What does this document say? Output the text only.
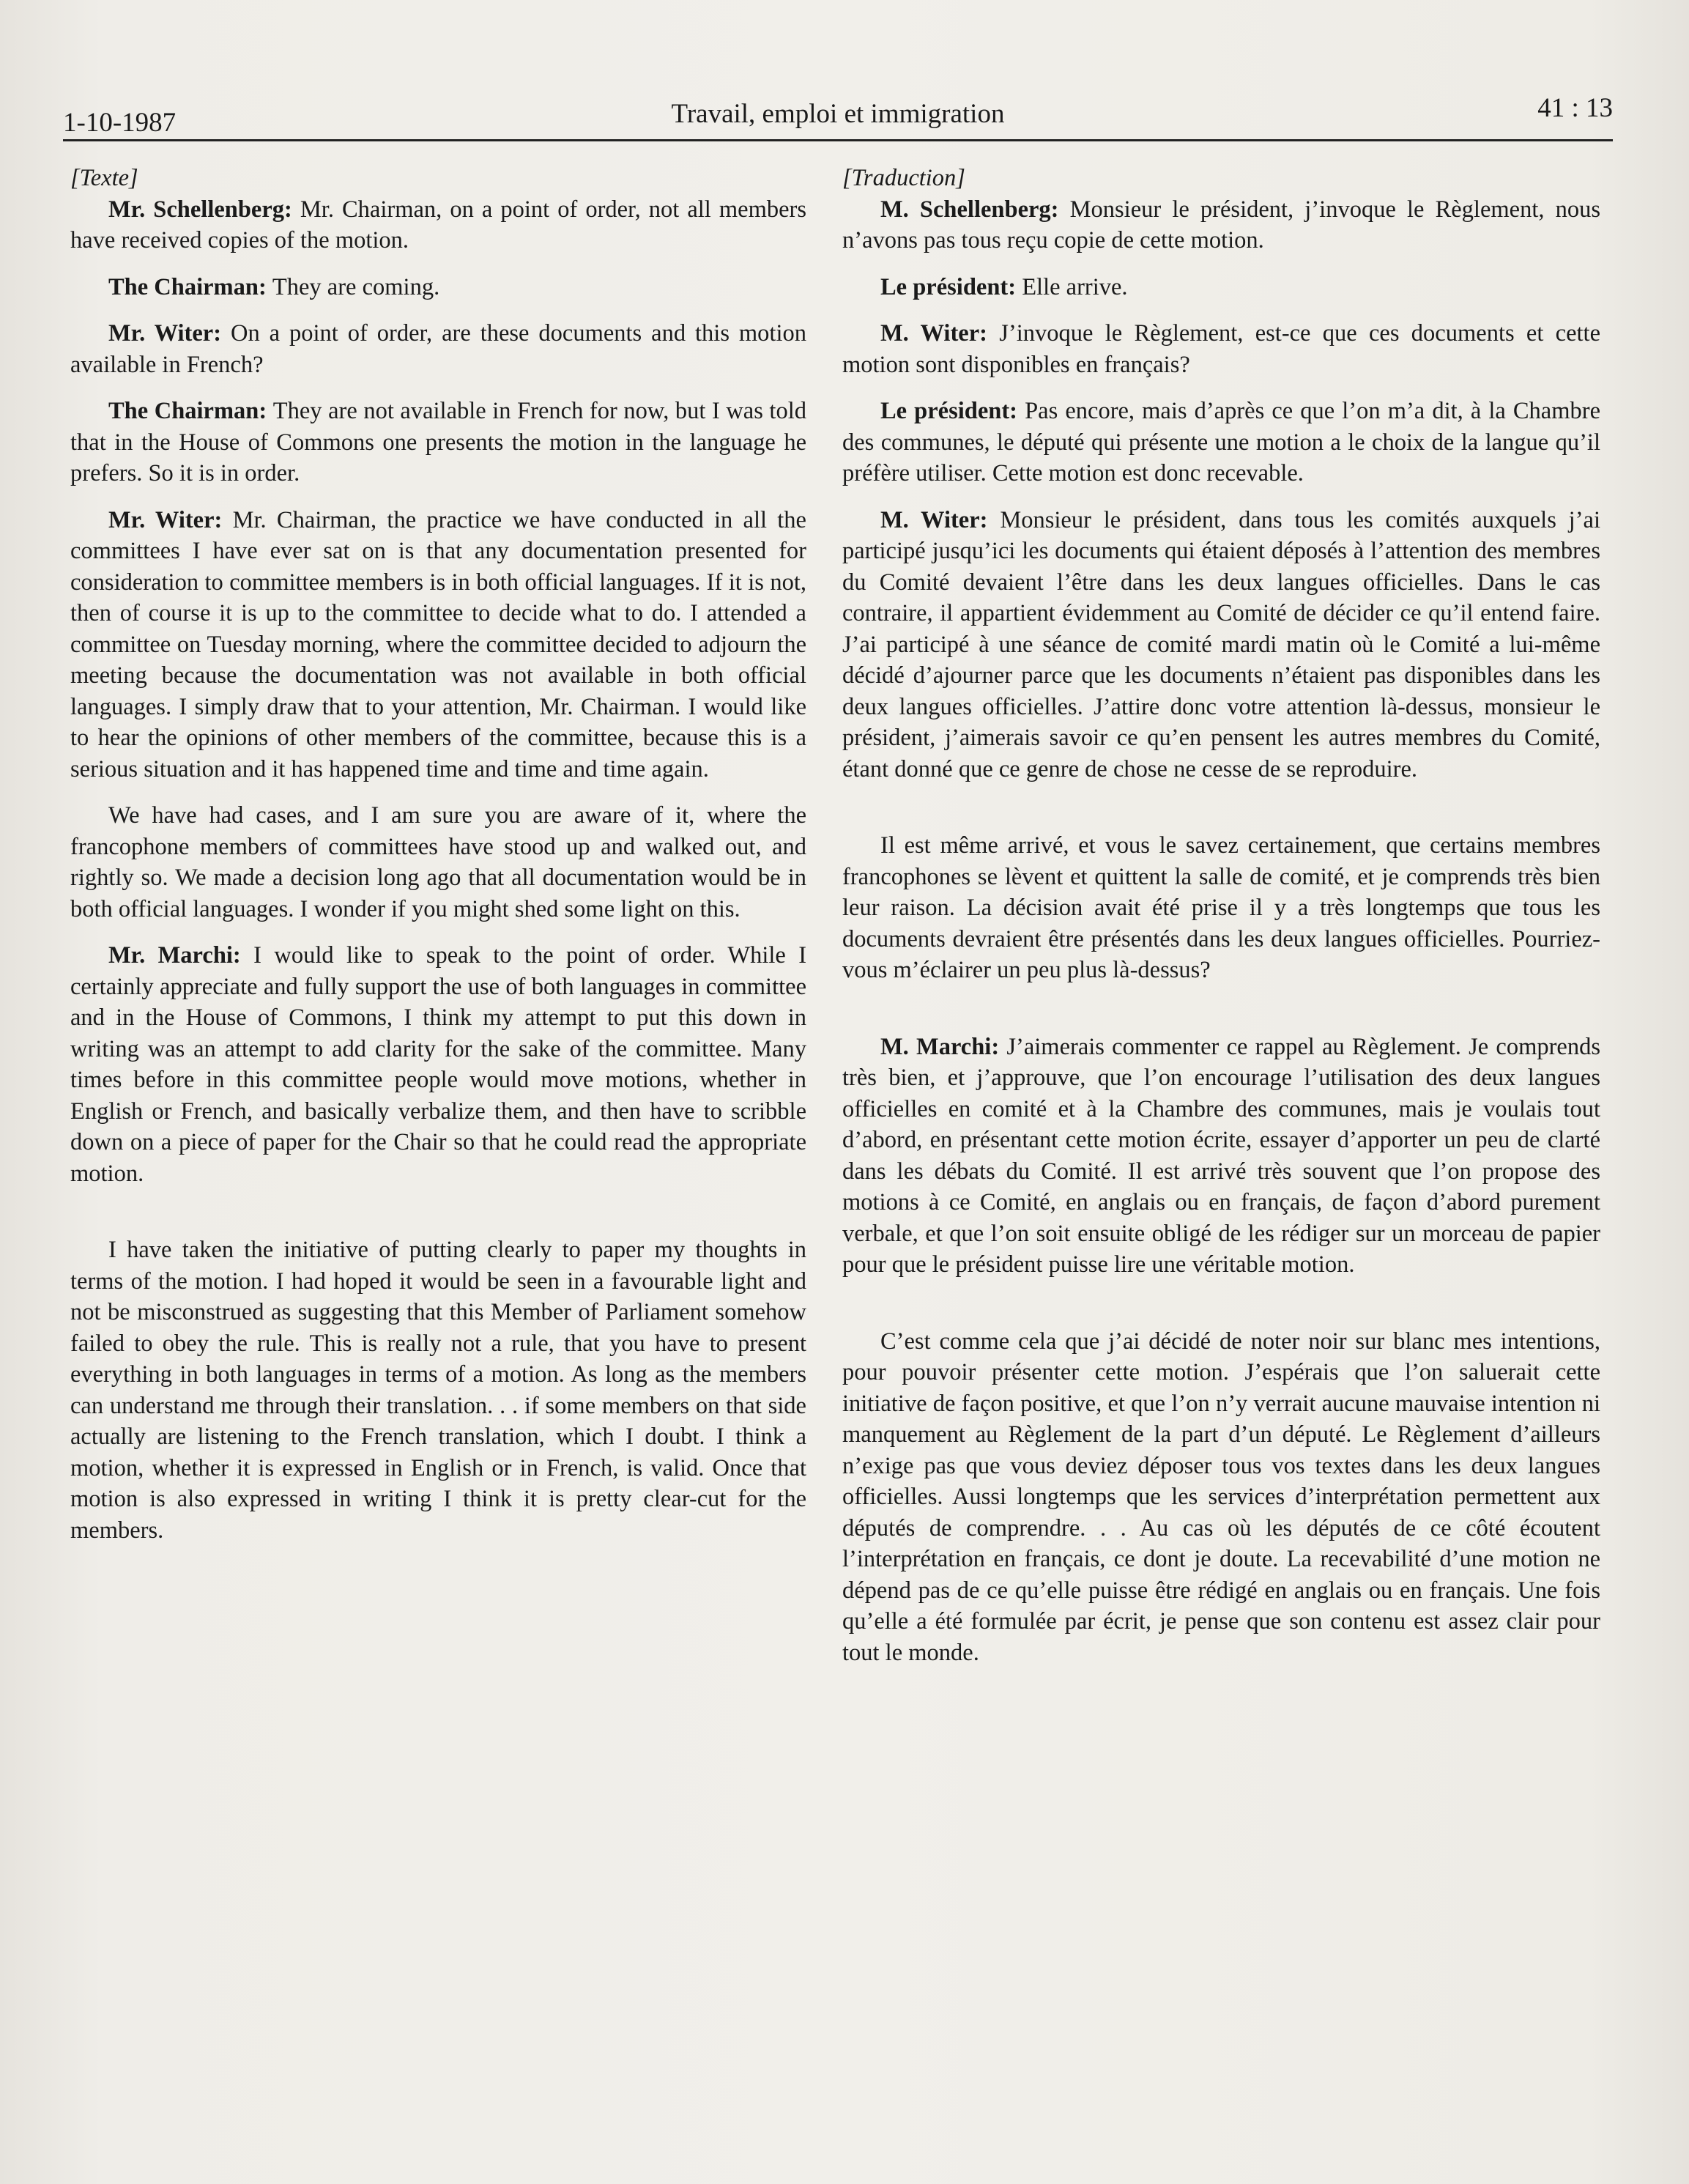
1-10-1987	Travail, emploi et immigration	41 : 13

[Texte]

Mr. Schellenberg: Mr. Chairman, on a point of order, not all members have received copies of the motion.

The Chairman: They are coming.

Mr. Witer: On a point of order, are these documents and this motion available in French?

The Chairman: They are not available in French for now, but I was told that in the House of Commons one presents the motion in the language he prefers. So it is in order.

Mr. Witer: Mr. Chairman, the practice we have conducted in all the committees I have ever sat on is that any documentation presented for consideration to committee members is in both official languages. If it is not, then of course it is up to the committee to decide what to do. I attended a committee on Tuesday morning, where the committee decided to adjourn the meeting because the documentation was not available in both official languages. I simply draw that to your attention, Mr. Chairman. I would like to hear the opinions of other members of the committee, because this is a serious situation and it has happened time and time and time again.

We have had cases, and I am sure you are aware of it, where the francophone members of committees have stood up and walked out, and rightly so. We made a decision long ago that all documentation would be in both official languages. I wonder if you might shed some light on this.

Mr. Marchi: I would like to speak to the point of order. While I certainly appreciate and fully support the use of both languages in committee and in the House of Commons, I think my attempt to put this down in writing was an attempt to add clarity for the sake of the committee. Many times before in this committee people would move motions, whether in English or French, and basically verbalize them, and then have to scribble down on a piece of paper for the Chair so that he could read the appropriate motion.

I have taken the initiative of putting clearly to paper my thoughts in terms of the motion. I had hoped it would be seen in a favourable light and not be misconstrued as suggesting that this Member of Parliament somehow failed to obey the rule. This is really not a rule, that you have to present everything in both languages in terms of a motion. As long as the members can understand me through their translation. . . if some members on that side actually are listening to the French translation, which I doubt. I think a motion, whether it is expressed in English or in French, is valid. Once that motion is also expressed in writing I think it is pretty clear-cut for the members.

[Traduction]

M. Schellenberg: Monsieur le président, j’invoque le Règlement, nous n’avons pas tous reçu copie de cette motion.

Le président: Elle arrive.

M. Witer: J’invoque le Règlement, est-ce que ces documents et cette motion sont disponibles en français?

Le président: Pas encore, mais d’après ce que l’on m’a dit, à la Chambre des communes, le député qui présente une motion a le choix de la langue qu’il préfère utiliser. Cette motion est donc recevable.

M. Witer: Monsieur le président, dans tous les comités auxquels j’ai participé jusqu’ici les documents qui étaient déposés à l’attention des membres du Comité devaient l’être dans les deux langues officielles. Dans le cas contraire, il appartient évidemment au Comité de décider ce qu’il entend faire. J’ai participé à une séance de comité mardi matin où le Comité a lui-même décidé d’ajourner parce que les documents n’étaient pas disponibles dans les deux langues officielles. J’attire donc votre attention là-dessus, monsieur le président, j’aimerais savoir ce qu’en pensent les autres membres du Comité, étant donné que ce genre de chose ne cesse de se reproduire.

Il est même arrivé, et vous le savez certainement, que certains membres francophones se lèvent et quittent la salle de comité, et je comprends très bien leur raison. La décision avait été prise il y a très longtemps que tous les documents devraient être présentés dans les deux langues officielles. Pourriez-vous m’éclairer un peu plus là-dessus?

M. Marchi: J’aimerais commenter ce rappel au Règlement. Je comprends très bien, et j’approuve, que l’on encourage l’utilisation des deux langues officielles en comité et à la Chambre des communes, mais je voulais tout d’abord, en présentant cette motion écrite, essayer d’apporter un peu de clarté dans les débats du Comité. Il est arrivé très souvent que l’on propose des motions à ce Comité, en anglais ou en français, de façon d’abord purement verbale, et que l’on soit ensuite obligé de les rédiger sur un morceau de papier pour que le président puisse lire une véritable motion.

C’est comme cela que j’ai décidé de noter noir sur blanc mes intentions, pour pouvoir présenter cette motion. J’espérais que l’on saluerait cette initiative de façon positive, et que l’on n’y verrait aucune mauvaise intention ni manquement au Règlement de la part d’un député. Le Règlement d’ailleurs n’exige pas que vous deviez déposer tous vos textes dans les deux langues officielles. Aussi longtemps que les services d’interprétation permettent aux députés de comprendre. . . Au cas où les députés de ce côté écoutent l’interprétation en français, ce dont je doute. La recevabilité d’une motion ne dépend pas de ce qu’elle puisse être rédigé en anglais ou en français. Une fois qu’elle a été formulée par écrit, je pense que son contenu est assez clair pour tout le monde.
